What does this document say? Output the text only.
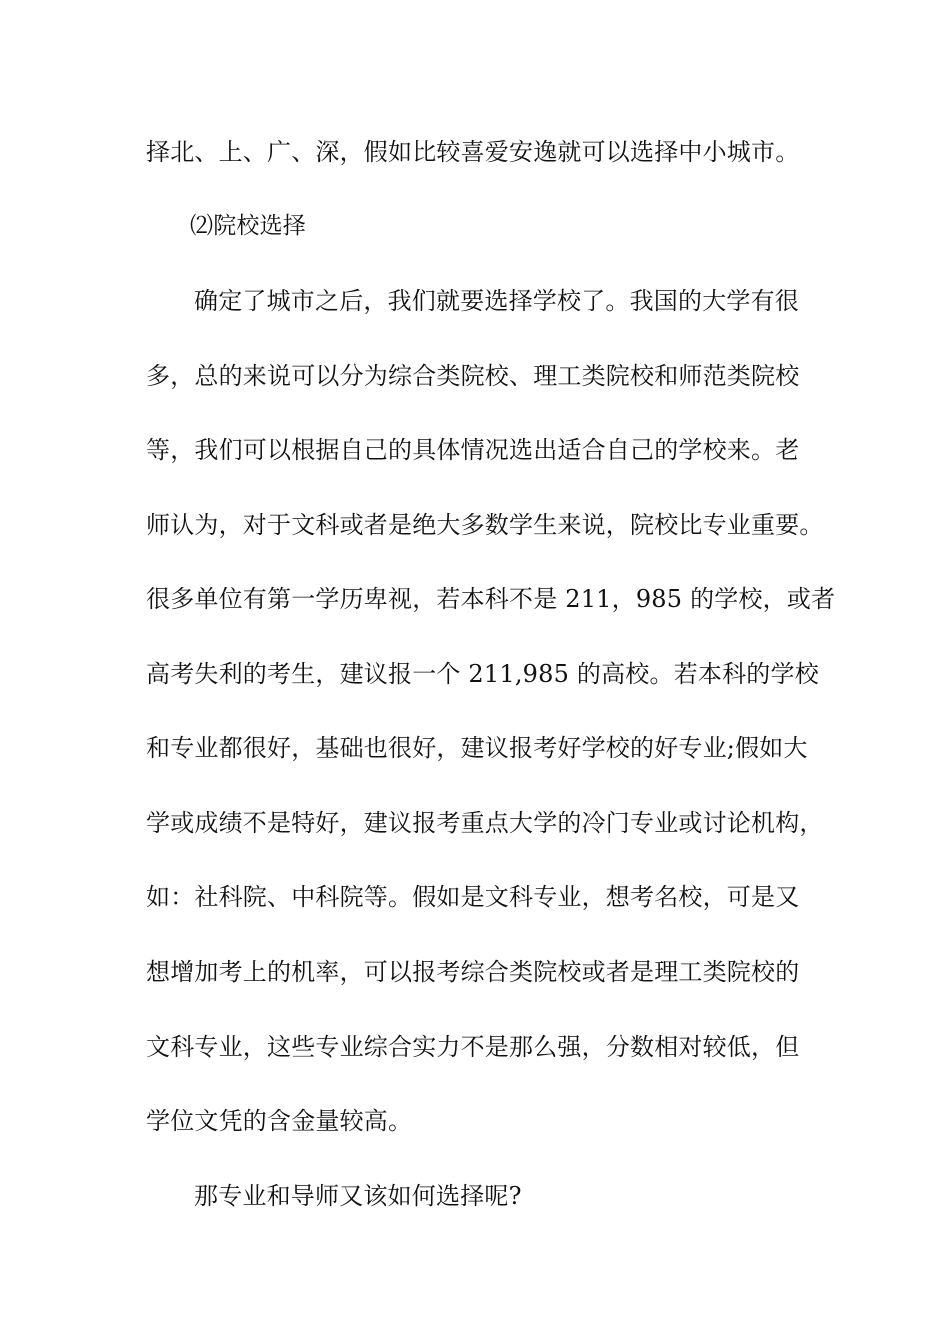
择北、上、广、深，假如比较喜爱安逸就可以选择中小城市。
⑵院校选择
确定了城市之后，我们就要选择学校了。我国的大学有很
多，总的来说可以分为综合类院校、理工类院校和师范类院校
等，我们可以根据自己的具体情况选出适合自己的学校来。老
师认为，对于文科或者是绝大多数学生来说，院校比专业重要。
很多单位有第一学历卑视，若本科不是 211，985 的学校，或者
高考失利的考生，建议报一个 211,985 的高校。若本科的学校
和专业都很好，基础也很好，建议报考好学校的好专业;假如大
学或成绩不是特好，建议报考重点大学的冷门专业或讨论机构，
如：社科院、中科院等。假如是文科专业，想考名校，可是又
想增加考上的机率，可以报考综合类院校或者是理工类院校的
文科专业，这些专业综合实力不是那么强，分数相对较低，但
学位文凭的含金量较高。
那专业和导师又该如何选择呢?
